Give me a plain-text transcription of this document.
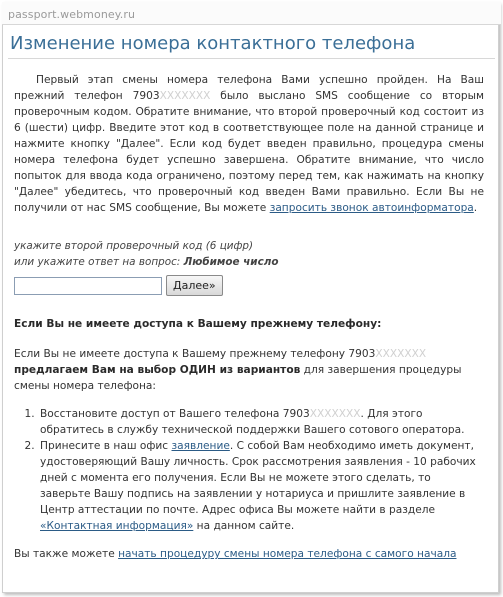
passport.webmoney.ru
Изменение номера контактного телефона

Первый этап смены номера телефона Вами успешно пройден. На Ваш прежний телефон 7903XXXXXXX было выслано SMS сообщение со вторым проверочным кодом. Обратите внимание, что второй проверочный код состоит из 6 (шести) цифр. Введите этот код в соответствующее поле на данной странице и нажмите кнопку "Далее". Если код будет введен правильно, процедура смены номера телефона будет успешно завершена. Обратите внимание, что число попыток для ввода кода ограничено, поэтому перед тем, как нажимать на кнопку "Далее" убедитесь, что проверочный код введен Вами правильно. Если Вы не получили от нас SMS сообщение, Вы можете запросить звонок автоинформатора.

укажите второй проверочный код (6 цифр)
или укажите ответ на вопрос: Любимое число
Далее»

Если Вы не имеете доступа к Вашему прежнему телефону:

Если Вы не имеете доступа к Вашему прежнему телефону 7903XXXXXXX предлагаем Вам на выбор ОДИН из вариантов для завершения процедуры смены номера телефона:

1. Восстановите доступ от Вашего телефона 7903XXXXXXX. Для этого обратитесь в службу технической поддержки Вашего сотового оператора.
2. Принесите в наш офис заявление. С собой Вам необходимо иметь документ, удостоверяющий Вашу личность. Срок рассмотрения заявления - 10 рабочих дней с момента его получения. Если Вы не можете этого сделать, то заверьте Вашу подпись на заявлении у нотариуса и пришлите заявление в Центр аттестации по почте. Адрес офиса Вы можете найти в разделе «Контактная информация» на данном сайте.

Вы также можете начать процедуру смены номера телефона с самого начала
